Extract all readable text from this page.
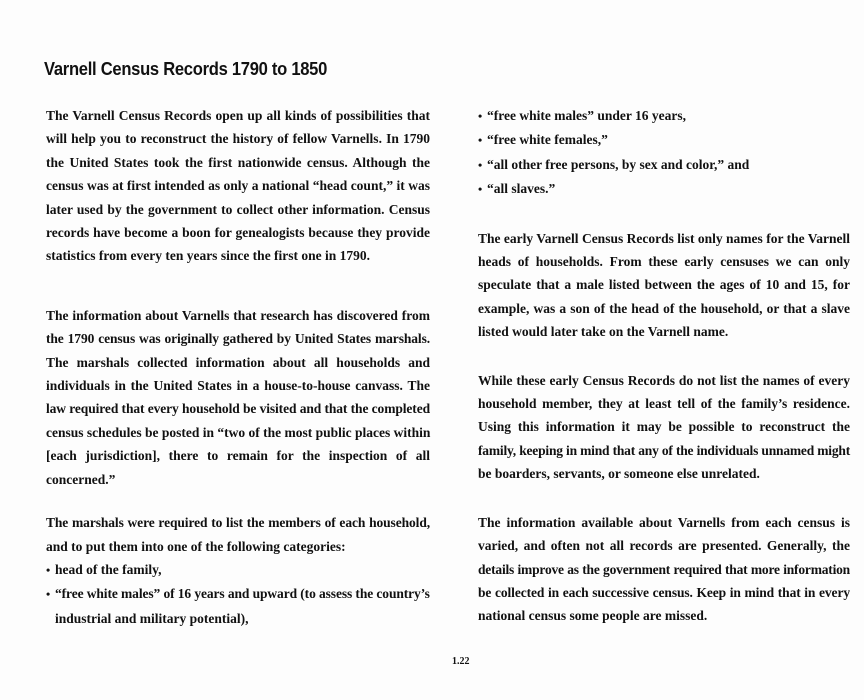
Varnell Census Records 1790 to 1850
The Varnell Census Records open up all kinds of possibilities that
will help you to reconstruct the history of fellow Varnells. In 1790
the United States took the first nationwide census. Although the
census was at first intended as only a national “head count,” it was
later used by the government to collect other information. Census
records have become a boon for genealogists because they provide
statistics from every ten years since the first one in 1790.
The information about Varnells that research has discovered from
the 1790 census was originally gathered by United States marshals.
The marshals collected information about all households and
individuals in the United States in a house-to-house canvass. The
law required that every household be visited and that the completed
census schedules be posted in “two of the most public places within
[each jurisdiction], there to remain for the inspection of all
concerned.”
The marshals were required to list the members of each household,
and to put them into one of the following categories:
• head of the family,
• “free white males” of 16 years and upward (to assess the country’s
industrial and military potential),
• “free white males” under 16 years,
• “free white females,”
• “all other free persons, by sex and color,” and
• “all slaves.”
The early Varnell Census Records list only names for the Varnell
heads of households. From these early censuses we can only
speculate that a male listed between the ages of 10 and 15, for
example, was a son of the head of the household, or that a slave
listed would later take on the Varnell name.
While these early Census Records do not list the names of every
household member, they at least tell of the family’s residence.
Using this information it may be possible to reconstruct the
family, keeping in mind that any of the individuals unnamed might
be boarders, servants, or someone else unrelated.
The information available about Varnells from each census is
varied, and often not all records are presented. Generally, the
details improve as the government required that more information
be collected in each successive census. Keep in mind that in every
national census some people are missed.
1.22
